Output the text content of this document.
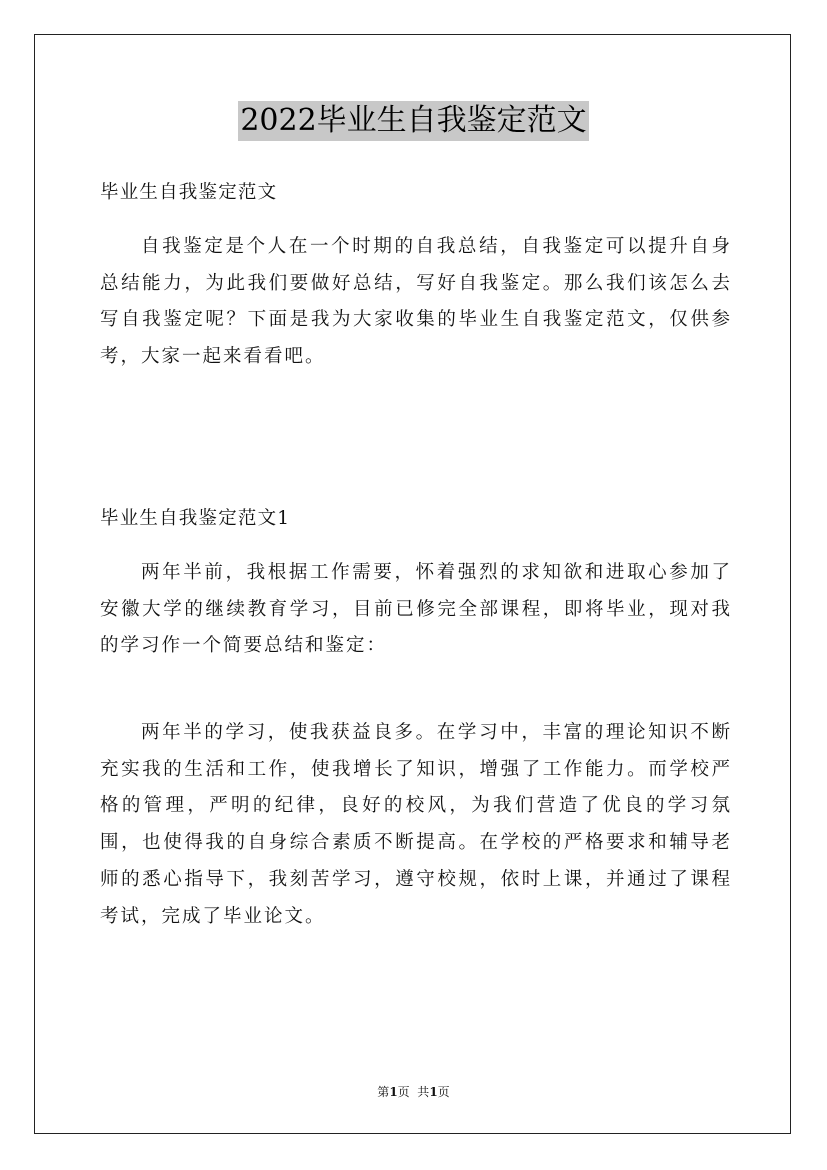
2022毕业生自我鉴定范文

毕业生自我鉴定范文

自我鉴定是个人在一个时期的自我总结，自我鉴定可以提升自身总结能力，为此我们要做好总结，写好自我鉴定。那么我们该怎么去写自我鉴定呢？下面是我为大家收集的毕业生自我鉴定范文，仅供参考，大家一起来看看吧。

毕业生自我鉴定范文1

两年半前，我根据工作需要，怀着强烈的求知欲和进取心参加了安徽大学的继续教育学习，目前已修完全部课程，即将毕业，现对我的学习作一个简要总结和鉴定：

两年半的学习，使我获益良多。在学习中，丰富的理论知识不断充实我的生活和工作，使我增长了知识，增强了工作能力。而学校严格的管理，严明的纪律，良好的校风，为我们营造了优良的学习氛围，也使得我的自身综合素质不断提高。在学校的严格要求和辅导老师的悉心指导下，我刻苦学习，遵守校规，依时上课，并通过了课程考试，完成了毕业论文。

第1页  共1页
